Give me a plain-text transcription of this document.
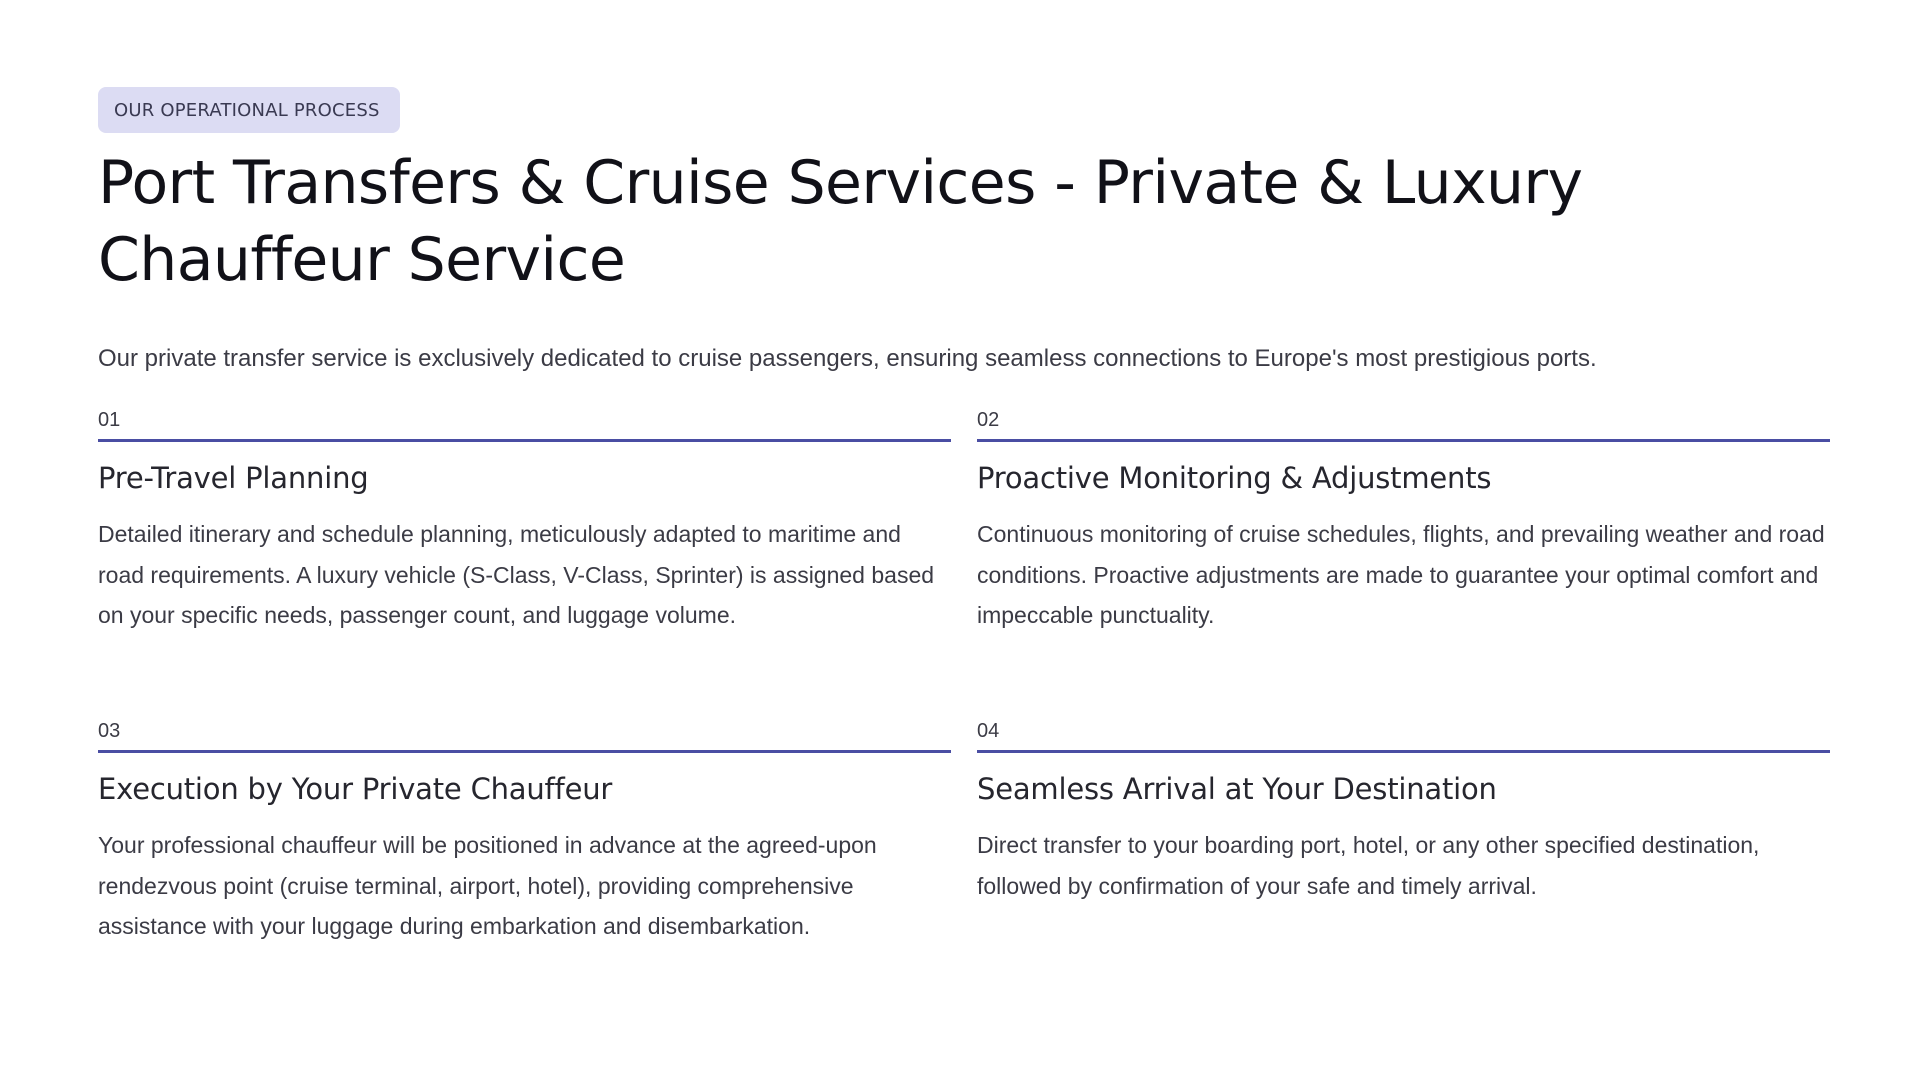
OUR OPERATIONAL PROCESS
Port Transfers & Cruise Services - Private & Luxury Chauffeur Service

Our private transfer service is exclusively dedicated to cruise passengers, ensuring seamless connections to Europe's most prestigious ports.

01
Pre-Travel Planning

Detailed itinerary and schedule planning, meticulously adapted to maritime and road requirements. A luxury vehicle (S-Class, V-Class, Sprinter) is assigned based on your specific needs, passenger count, and luggage volume.

02
Proactive Monitoring & Adjustments

Continuous monitoring of cruise schedules, flights, and prevailing weather and road conditions. Proactive adjustments are made to guarantee your optimal comfort and impeccable punctuality.

03
Execution by Your Private Chauffeur

Your professional chauffeur will be positioned in advance at the agreed-upon rendezvous point (cruise terminal, airport, hotel), providing comprehensive assistance with your luggage during embarkation and disembarkation.

04
Seamless Arrival at Your Destination

Direct transfer to your boarding port, hotel, or any other specified destination, followed by confirmation of your safe and timely arrival.
